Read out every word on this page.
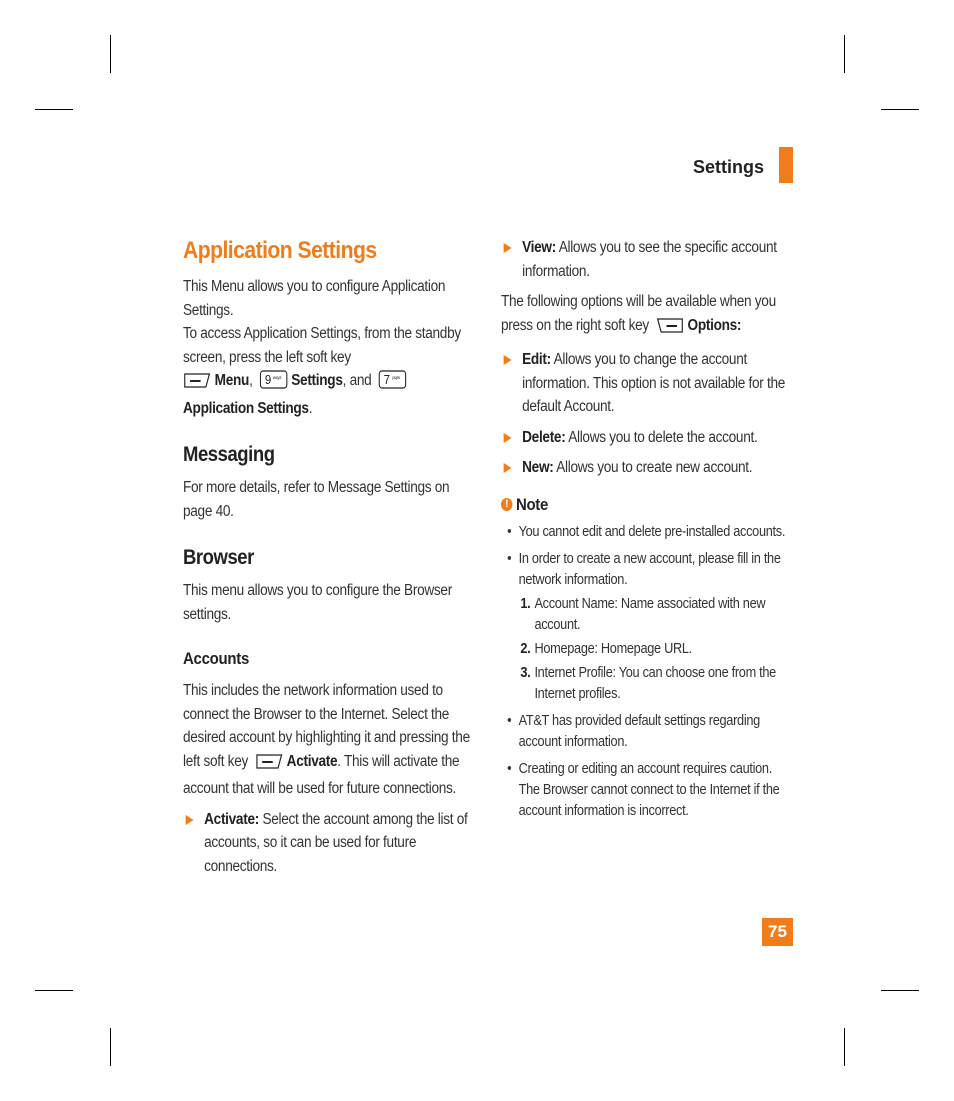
Settings
Application Settings

This Menu allows you to configure Application Settings.

To access Application Settings, from the standby screen, press the left soft key
Menu, 9 wxyz Settings, and 7 pqrs

Application Settings.

Messaging

For more details, refer to Message Settings on page 40.

Browser

This menu allows you to configure the Browser settings.

Accounts

This includes the network information used to connect the Browser to the Internet. Select the desired account by highlighting it and pressing the left soft key Activate. This will activate the account that will be used for future connections.

Activate: Select the account among the list of accounts, so it can be used for future connections.

View: Allows you to see the specific account information.

The following options will be available when you press on the right soft key Options:

Edit: Allows you to change the account information. This option is not available for the default Account.

Delete: Allows you to delete the account.

New: Allows you to create new account.

! Note

• You cannot edit and delete pre-installed accounts.

• In order to create a new account, please fill in the network information.

1. Account Name: Name associated with new account.

2. Homepage: Homepage URL.

3. Internet Profile: You can choose one from the Internet profiles.

• AT&T has provided default settings regarding account information.

• Creating or editing an account requires caution. The Browser cannot connect to the Internet if the account information is incorrect.

75
